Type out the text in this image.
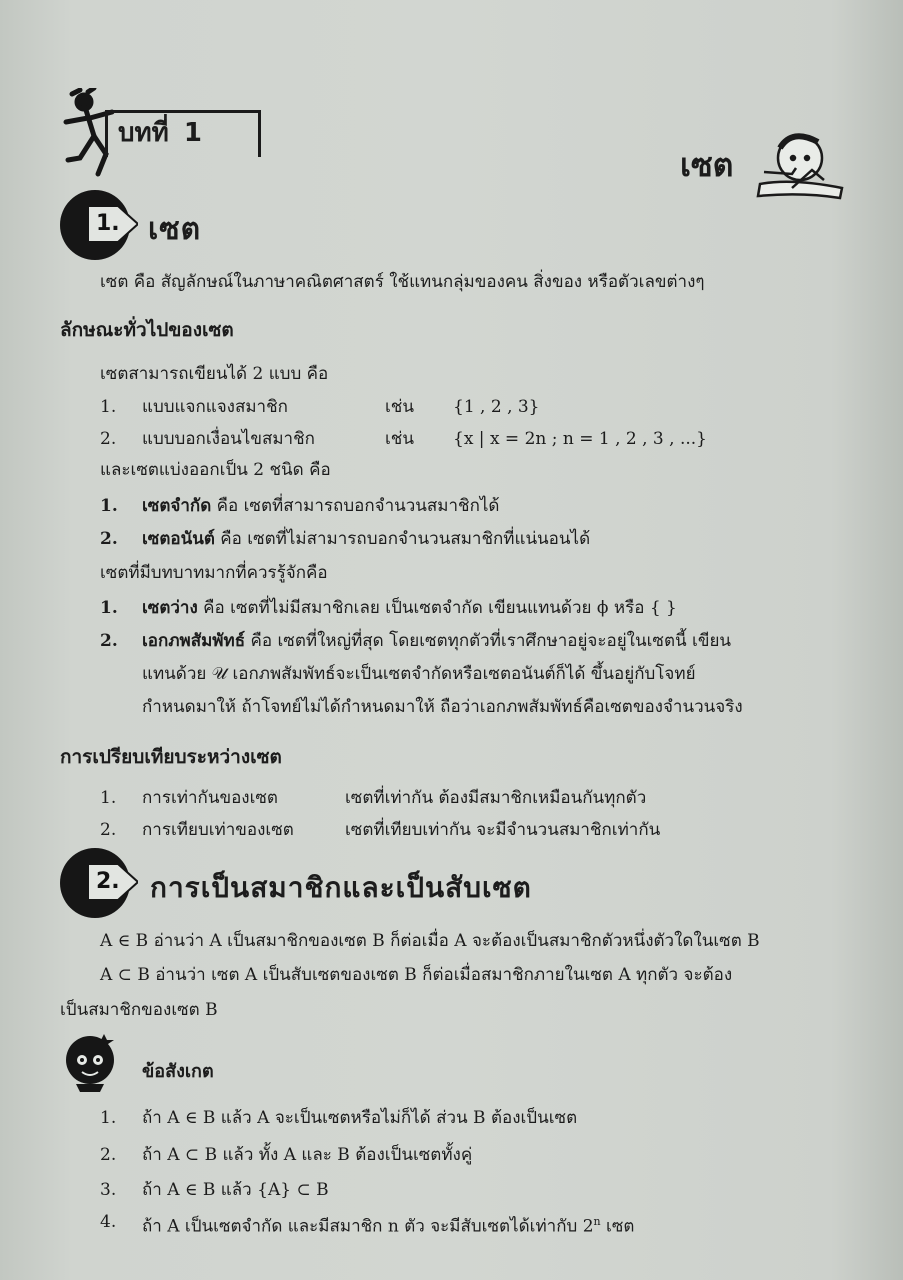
บทที่ 1
เซต
1. เซต
เซต คือ สัญลักษณ์ในภาษาคณิตศาสตร์ ใช้แทนกลุ่มของคน สิ่งของ หรือตัวเลขต่างๆ
ลักษณะทั่วไปของเซต
เซตสามารถเขียนได้ 2 แบบ คือ
1. แบบแจกแจงสมาชิก	เช่น {1 , 2 , 3}
2. แบบบอกเงื่อนไขสมาชิก	เช่น {x | x = 2n ; n = 1 , 2 , 3 , ...}
และเซตแบ่งออกเป็น 2 ชนิด คือ
1. เซตจำกัด คือ เซตที่สามารถบอกจำนวนสมาชิกได้
2. เซตอนันต์ คือ เซตที่ไม่สามารถบอกจำนวนสมาชิกที่แน่นอนได้
เซตที่มีบทบาทมากที่ควรรู้จักคือ
1. เซตว่าง คือ เซตที่ไม่มีสมาชิกเลย เป็นเซตจำกัด เขียนแทนด้วย ϕ หรือ { }
2. เอกภพสัมพัทธ์ คือ เซตที่ใหญ่ที่สุด โดยเซตทุกตัวที่เราศึกษาอยู่จะอยู่ในเซตนี้ เขียน
แทนด้วย 𝒰 เอกภพสัมพัทธ์จะเป็นเซตจำกัดหรือเซตอนันต์ก็ได้ ขึ้นอยู่กับโจทย์
กำหนดมาให้ ถ้าโจทย์ไม่ได้กำหนดมาให้ ถือว่าเอกภพสัมพัทธ์คือเซตของจำนวนจริง
การเปรียบเทียบระหว่างเซต
1. การเท่ากันของเซต	เซตที่เท่ากัน ต้องมีสมาชิกเหมือนกันทุกตัว
2. การเทียบเท่าของเซต	เซตที่เทียบเท่ากัน จะมีจำนวนสมาชิกเท่ากัน
2. การเป็นสมาชิกและเป็นสับเซต
A ∈ B อ่านว่า A เป็นสมาชิกของเซต B ก็ต่อเมื่อ A จะต้องเป็นสมาชิกตัวหนึ่งตัวใดในเซต B
A ⊂ B อ่านว่า เซต A เป็นสับเซตของเซต B ก็ต่อเมื่อสมาชิกภายในเซต A ทุกตัว จะต้อง
เป็นสมาชิกของเซต B
ข้อสังเกต
1. ถ้า A ∈ B แล้ว A จะเป็นเซตหรือไม่ก็ได้ ส่วน B ต้องเป็นเซต
2. ถ้า A ⊂ B แล้ว ทั้ง A และ B ต้องเป็นเซตทั้งคู่
3. ถ้า A ∈ B แล้ว {A} ⊂ B
4. ถ้า A เป็นเซตจำกัด และมีสมาชิก n ตัว จะมีสับเซตได้เท่ากับ 2$^n$ เซต
